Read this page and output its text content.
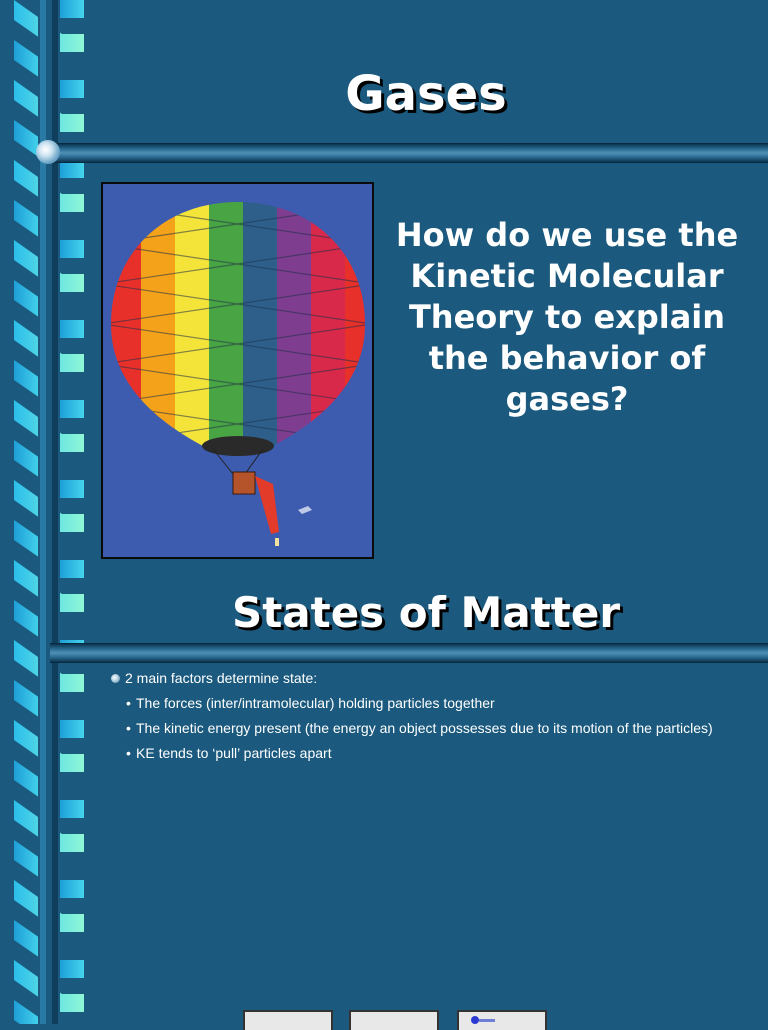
Gases
How do we use the Kinetic Molecular Theory to explain the behavior of gases?
States of Matter
2 main factors determine state:
• The forces (inter/intramolecular) holding particles together
• The kinetic energy present (the energy an object possesses due to its motion of the particles)
• KE tends to ‘pull’ particles apart
